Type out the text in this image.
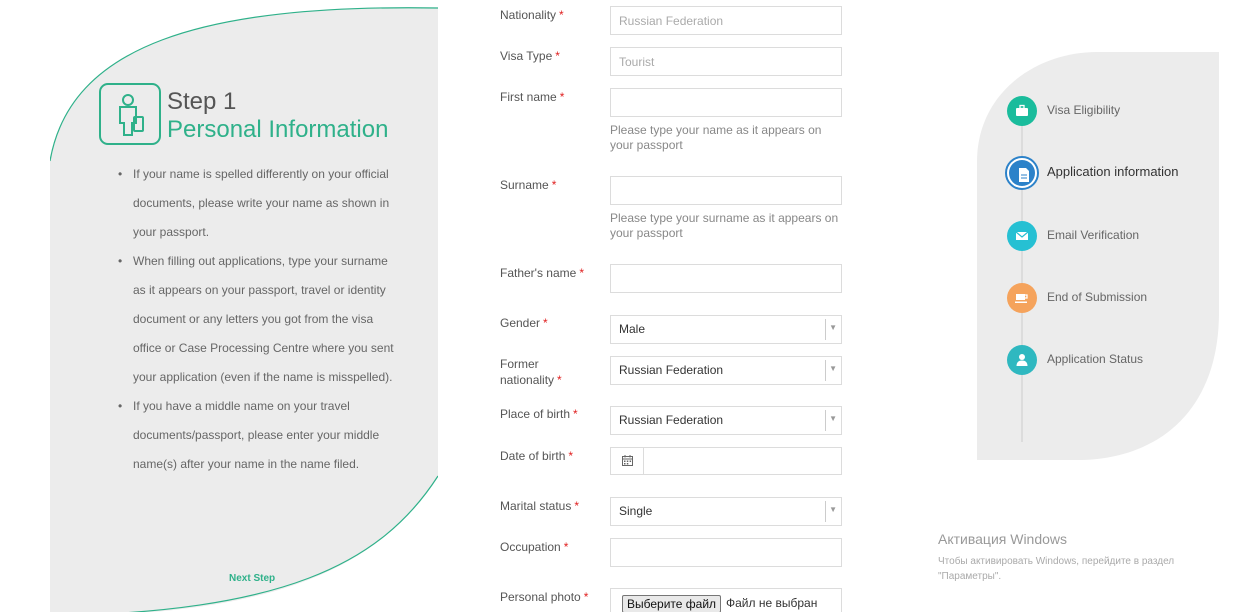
Step 1
Personal Information
• If your name is spelled differently on your official documents, please write your name as shown in your passport.
• When filling out applications, type your surname as it appears on your passport, travel or identity document or any letters you got from the visa office or Case Processing Centre where you sent your application (even if the name is misspelled).
• If you have a middle name on your travel documents/passport, please enter your middle name(s) after your name in the name filed.
Next Step
Nationality *
Russian Federation
Visa Type *
Tourist
First name *
Please type your name as it appears on your passport
Surname *
Please type your surname as it appears on your passport
Father's name *
Gender *	Male	▼
Former nationality *
Russian Federation	▼
Place of birth *	Russian Federation	▼
Date of birth *
Marital status *	Single	▼
Occupation *
Personal photo *	Выберите файл Файл не выбран
Visa Eligibility
Application information
Email Verification
End of Submission
Application Status
Активация Windows
Чтобы активировать Windows, перейдите в раздел "Параметры".
